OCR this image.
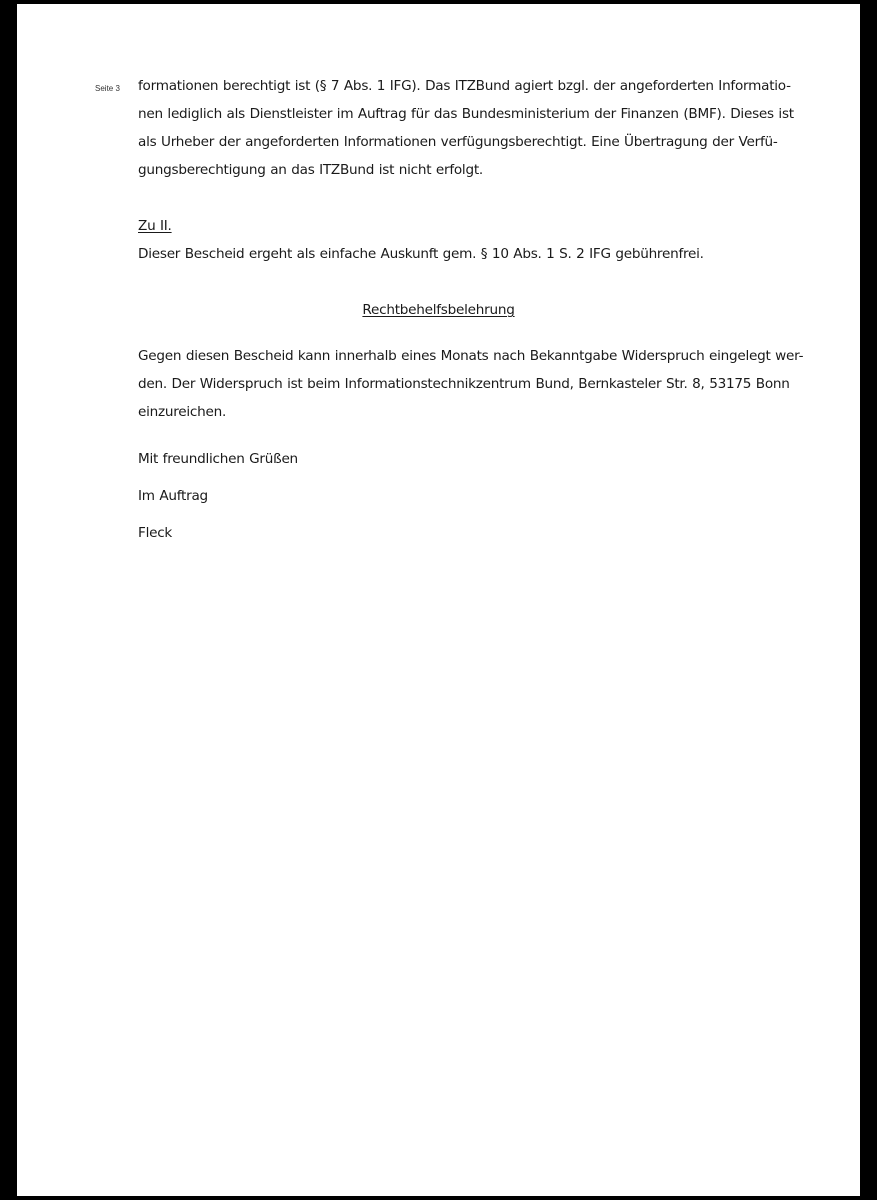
Seite 3 formationen berechtigt ist (§ 7 Abs. 1 IFG). Das ITZBund agiert bzgl. der angeforderten Informatio-
nen lediglich als Dienstleister im Auftrag für das Bundesministerium der Finanzen (BMF). Dieses ist
als Urheber der angeforderten Informationen verfügungsberechtigt. Eine Übertragung der Verfü-
gungsberechtigung an das ITZBund ist nicht erfolgt.
Zu II.
Dieser Bescheid ergeht als einfache Auskunft gem. § 10 Abs. 1 S. 2 IFG gebührenfrei.
Rechtbehelfsbelehrung
Gegen diesen Bescheid kann innerhalb eines Monats nach Bekanntgabe Widerspruch eingelegt wer-
den. Der Widerspruch ist beim Informationstechnikzentrum Bund, Bernkasteler Str. 8, 53175 Bonn
einzureichen.
Mit freundlichen Grüßen
Im Auftrag
Fleck
